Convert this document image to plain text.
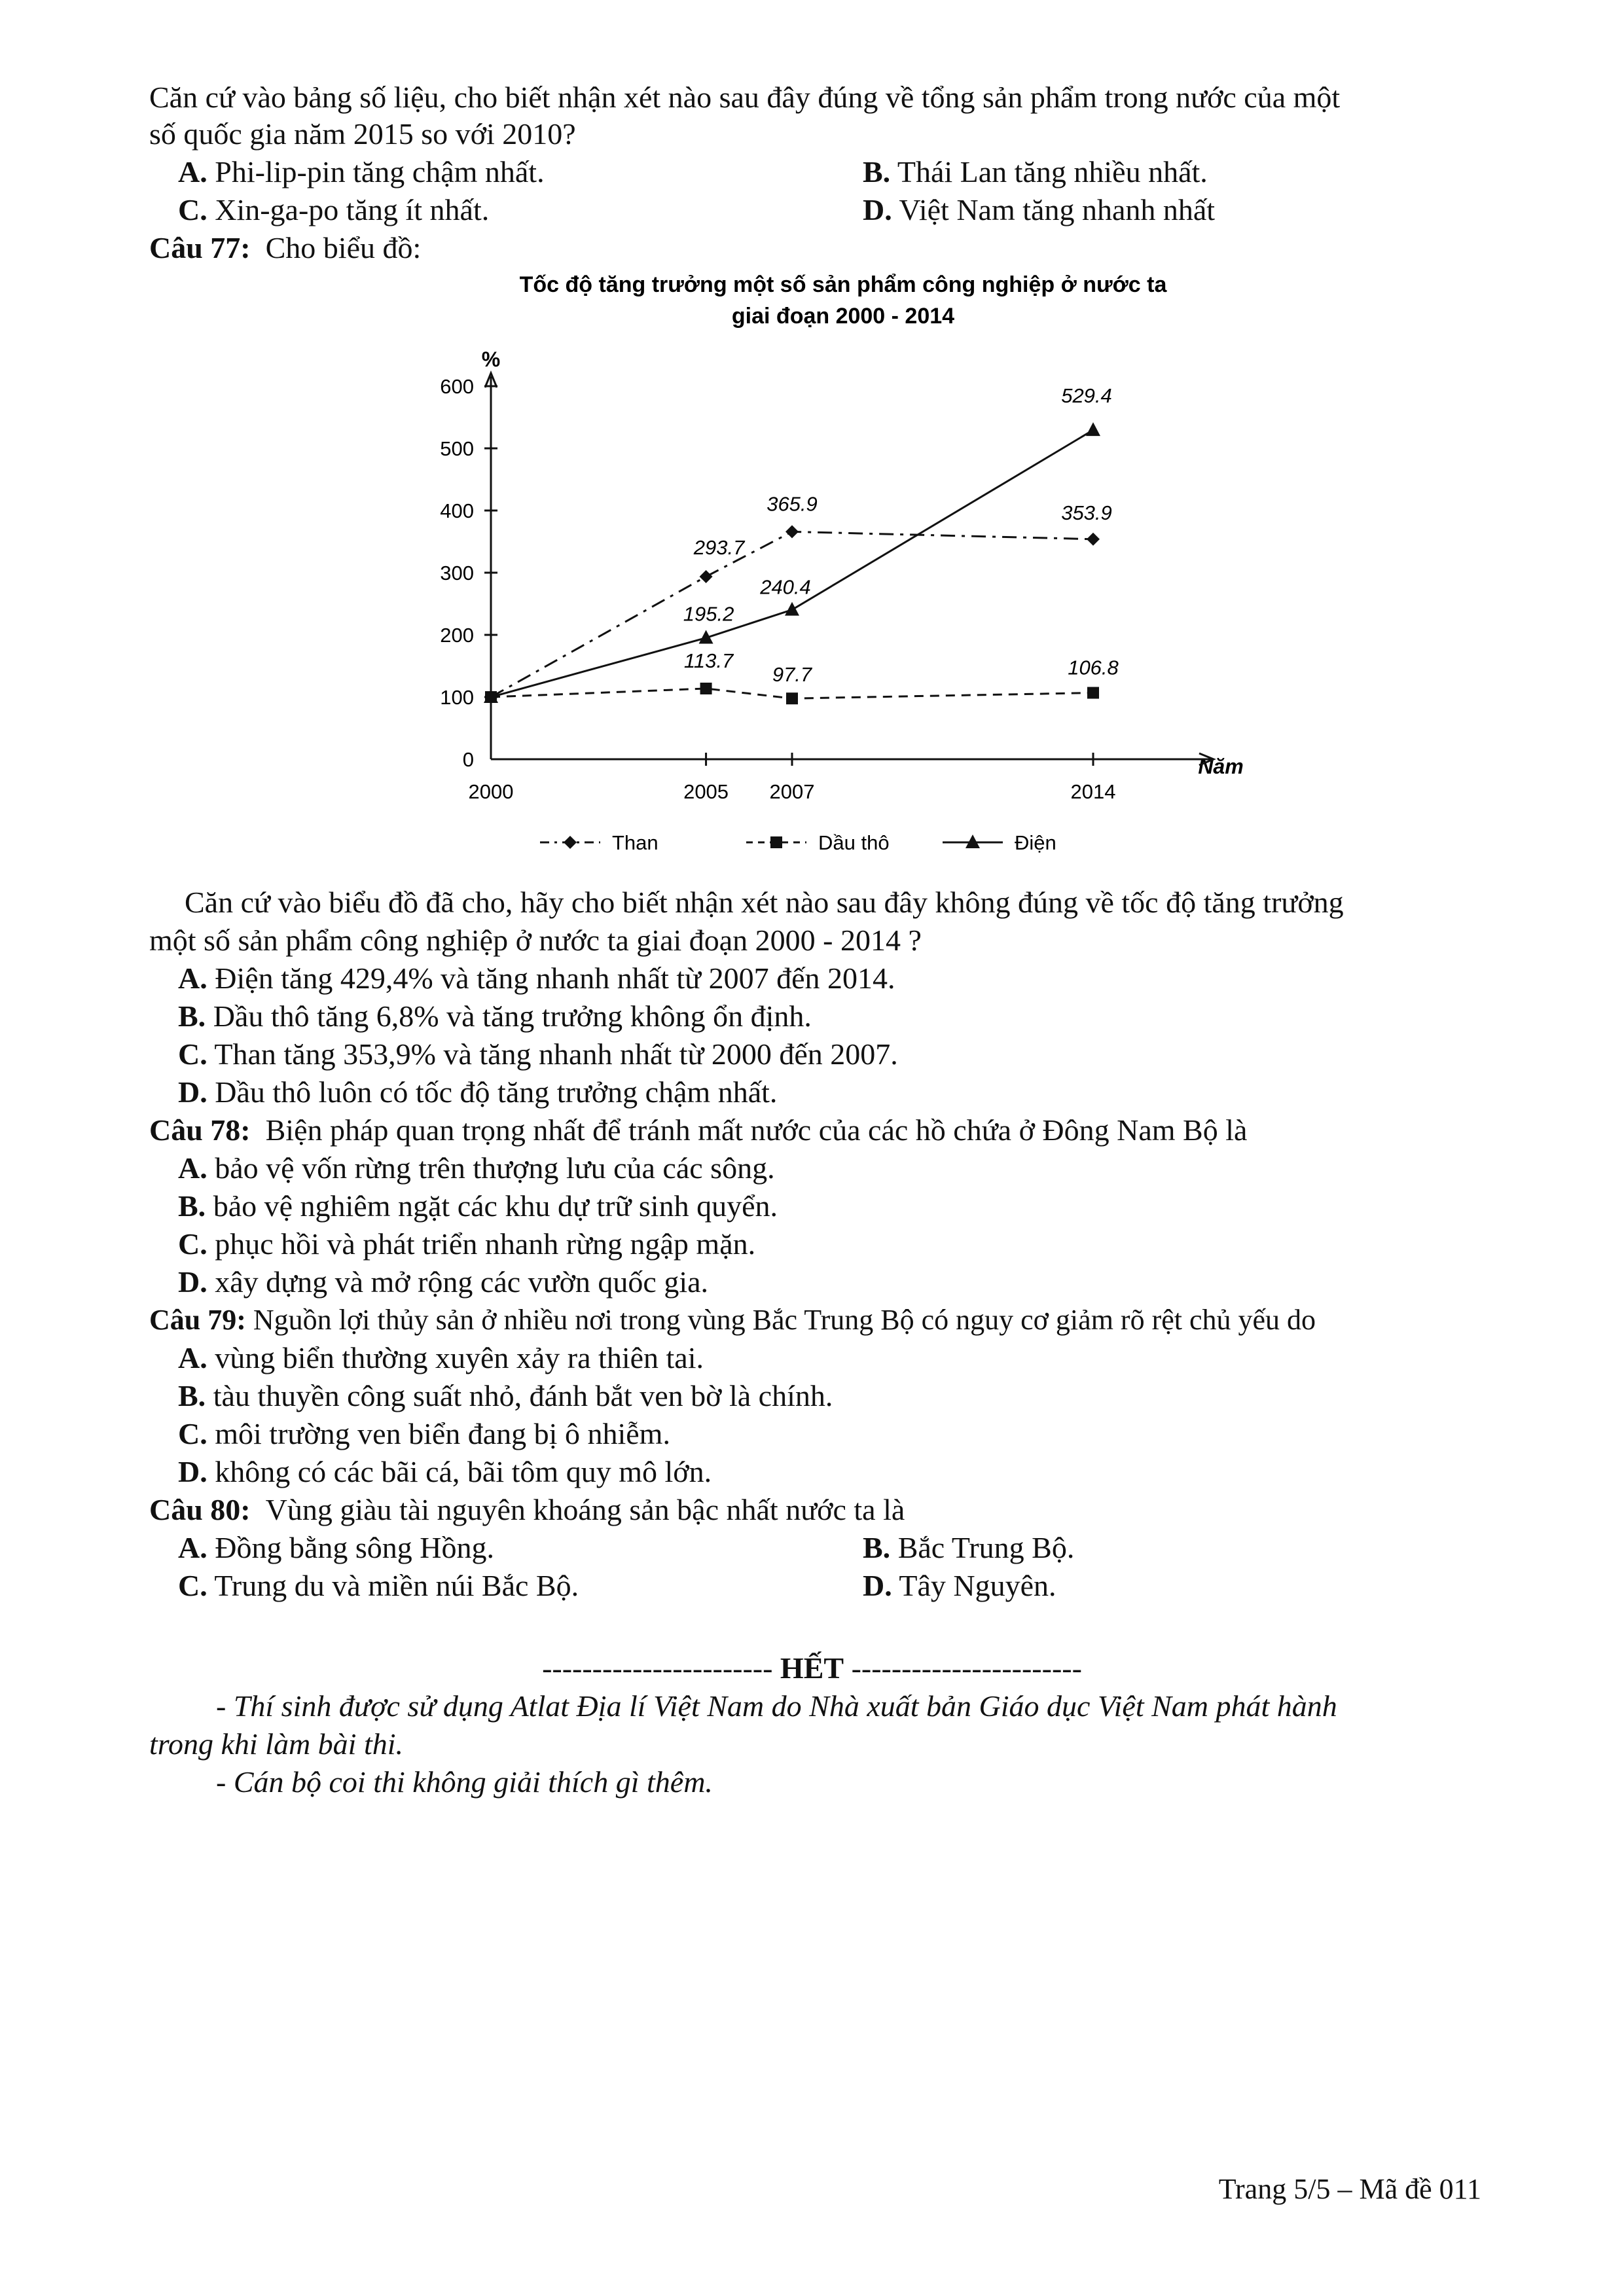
Căn cứ vào bảng số liệu, cho biết nhận xét nào sau đây đúng về tổng sản phẩm trong nước của một
số quốc gia năm 2015 so với 2010?
A. Phi-lip-pin tăng chậm nhất.	B. Thái Lan tăng nhiều nhất.
C. Xin-ga-po tăng ít nhất.	D. Việt Nam tăng nhanh nhất
Câu 77: Cho biểu đồ:
Tốc độ tăng trưởng một số sản phẩm công nghiệp ở nước ta
giai đoạn 2000 - 2014
%
Năm
0
100
200
300
400
500
600
2000	2005 2007	2014
293.7
365.9	353.9
113.7
97.7	106.8
195.2
240.4
529.4
Than	Dầu thô	Điện
Căn cứ vào biểu đồ đã cho, hãy cho biết nhận xét nào sau đây không đúng về tốc độ tăng trưởng
một số sản phẩm công nghiệp ở nước ta giai đoạn 2000 - 2014 ?
A. Điện tăng 429,4% và tăng nhanh nhất từ 2007 đến 2014.
B. Dầu thô tăng 6,8% và tăng trưởng không ổn định.
C. Than tăng 353,9% và tăng nhanh nhất từ 2000 đến 2007.
D. Dầu thô luôn có tốc độ tăng trưởng chậm nhất.
Câu 78: Biện pháp quan trọng nhất để tránh mất nước của các hồ chứa ở Đông Nam Bộ là
A. bảo vệ vốn rừng trên thượng lưu của các sông.
B. bảo vệ nghiêm ngặt các khu dự trữ sinh quyển.
C. phục hồi và phát triển nhanh rừng ngập mặn.
D. xây dựng và mở rộng các vườn quốc gia.
Câu 79: Nguồn lợi thủy sản ở nhiều nơi trong vùng Bắc Trung Bộ có nguy cơ giảm rõ rệt chủ yếu do
A. vùng biển thường xuyên xảy ra thiên tai.
B. tàu thuyền công suất nhỏ, đánh bắt ven bờ là chính.
C. môi trường ven biển đang bị ô nhiễm.
D. không có các bãi cá, bãi tôm quy mô lớn.
Câu 80: Vùng giàu tài nguyên khoáng sản bậc nhất nước ta là
A. Đồng bằng sông Hồng.	B. Bắc Trung Bộ.
C. Trung du và miền núi Bắc Bộ.	D. Tây Nguyên.
----------------------- HẾT -----------------------
- Thí sinh được sử dụng Atlat Địa lí Việt Nam do Nhà xuất bản Giáo dục Việt Nam phát hành
trong khi làm bài thi.
- Cán bộ coi thi không giải thích gì thêm.
Trang 5/5 – Mã đề 011
